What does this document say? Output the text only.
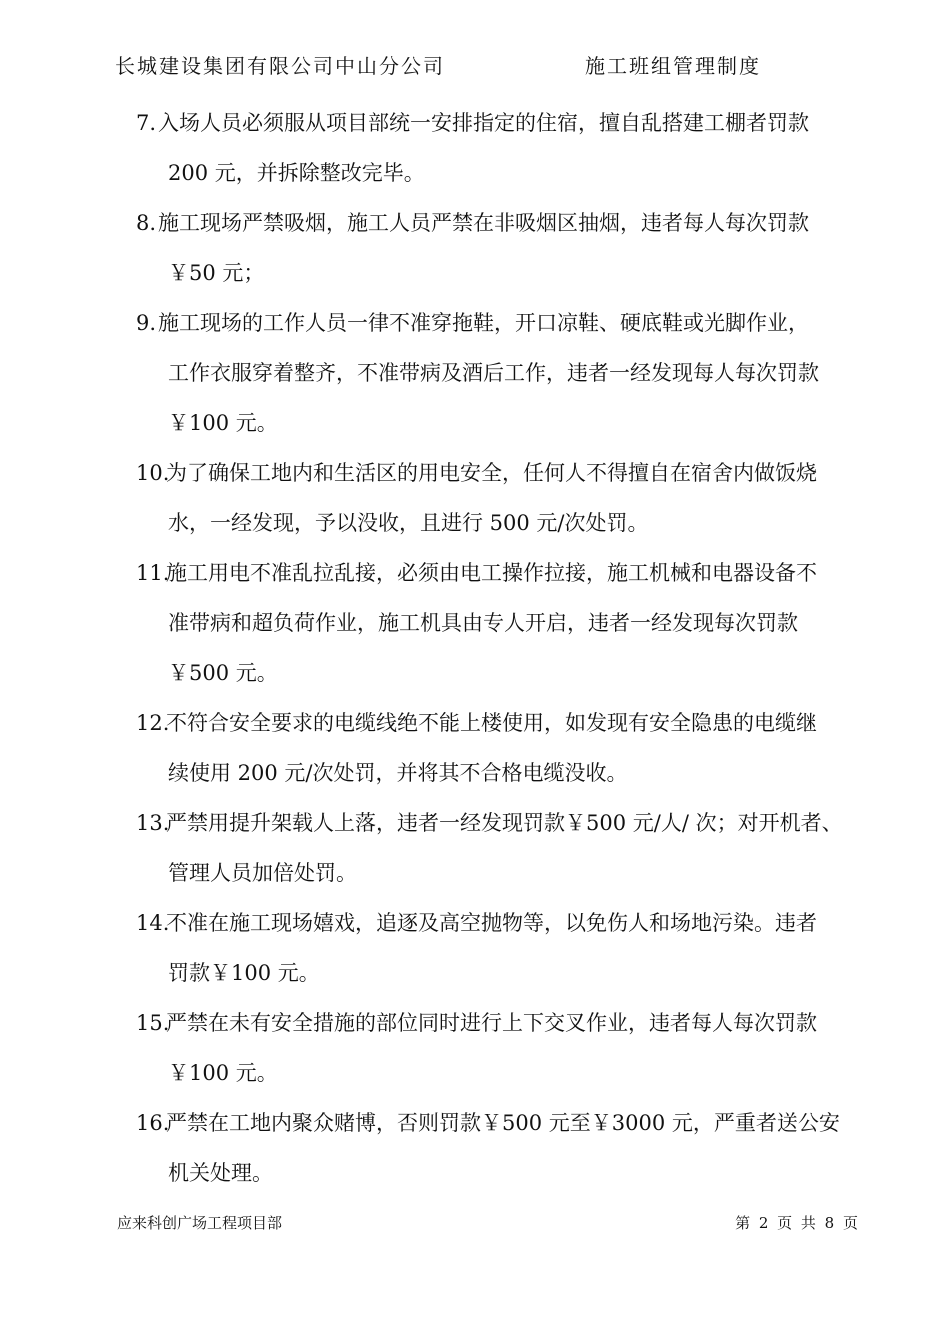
长城建设集团有限公司中山分公司	施工班组管理制度
7. 入场人员必须服从项目部统一安排指定的住宿，擅自乱搭建工棚者罚款
200 元，并拆除整改完毕。
8. 施工现场严禁吸烟，施工人员严禁在非吸烟区抽烟，违者每人每次罚款
￥50 元；
9. 施工现场的工作人员一律不准穿拖鞋，开口凉鞋、硬底鞋或光脚作业，
工作衣服穿着整齐，不准带病及酒后工作，违者一经发现每人每次罚款
￥100 元。
10.
为了确保工地内和生活区的用电安全，任何人不得擅自在宿舍内做饭烧
水，一经发现，予以没收，且进行 500 元/次处罚。
11.
施工用电不准乱拉乱接，必须由电工操作拉接，施工机械和电器设备不
准带病和超负荷作业，施工机具由专人开启，违者一经发现每次罚款
￥500 元。
12.
不符合安全要求的电缆线绝不能上楼使用，如发现有安全隐患的电缆继
续使用 200 元/次处罚，并将其不合格电缆没收。
13.
严禁用提升架载人上落，违者一经发现罚款￥500 元/人/ 次；对开机者、
管理人员加倍处罚。
14.
不准在施工现场嬉戏，追逐及高空抛物等，以免伤人和场地污染。违者
罚款￥100 元。
15.
严禁在未有安全措施的部位同时进行上下交叉作业，违者每人每次罚款
￥100 元。
16.
严禁在工地内聚众赌博，否则罚款￥500 元至￥3000 元，严重者送公安
机关处理。
应来科创广场工程项目部	第 2 页 共 8 页
